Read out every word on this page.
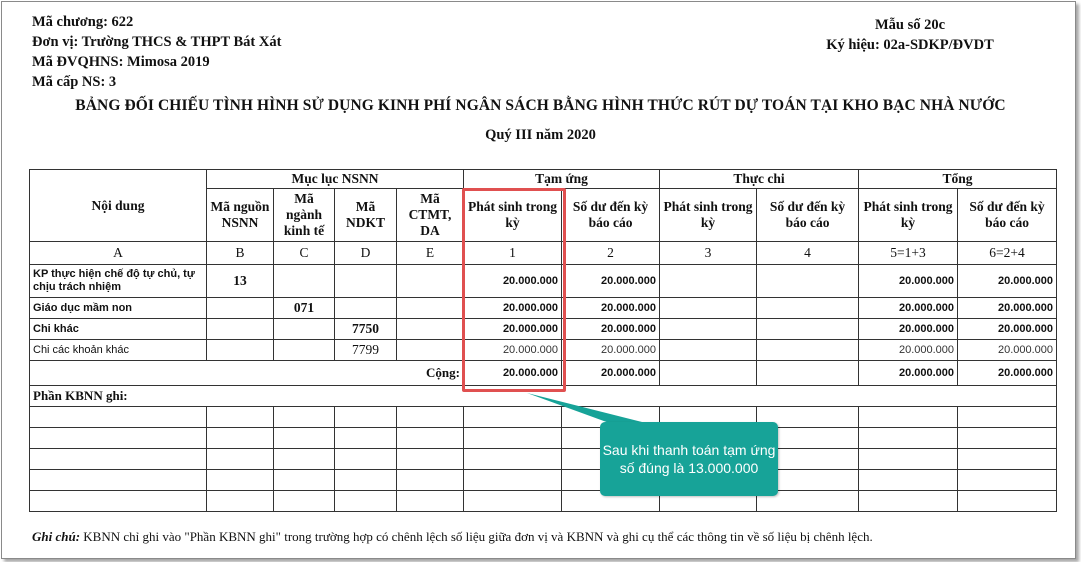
Mã chương: 622
Đơn vị: Trường THCS & THPT Bát Xát
Mã ĐVQHNS: Mimosa 2019
Mã cấp NS: 3
Mẫu số 20c
Ký hiệu: 02a-SDKP/ĐVDT
BẢNG ĐỐI CHIẾU TÌNH HÌNH SỬ DỤNG KINH PHÍ NGÂN SÁCH BẰNG HÌNH THỨC RÚT DỰ TOÁN TẠI KHO BẠC NHÀ NƯỚC
Quý III năm 2020
Nội dung	Mục lục NSNN				Tạm ứng		Thực chi		Tổng	
	Mã nguồn NSNN	Mã ngành kinh tế	Mã NDKT	Mã CTMT, DA	Phát sinh trong kỳ	Số dư đến kỳ báo cáo	Phát sinh trong kỳ	Số dư đến kỳ báo cáo	Phát sinh trong kỳ	Số dư đến kỳ báo cáo
A	B	C	D	E	1	2	3	4	5=1+3	6=2+4
KP thực hiện chế độ tự chủ, tự chịu trách nhiệm	13				20.000.000	20.000.000			20.000.000	20.000.000
Giáo dục mầm non		071			20.000.000	20.000.000			20.000.000	20.000.000
Chi khác			7750		20.000.000	20.000.000			20.000.000	20.000.000
Chi các khoản khác			7799		20.000.000	20.000.000			20.000.000	20.000.000
Cộng:					20.000.000	20.000.000			20.000.000	20.000.000
Phần KBNN ghi:										

Sau khi thanh toán tạm ứng số đúng là 13.000.000
Ghi chú: KBNN chỉ ghi vào "Phần KBNN ghi" trong trường hợp có chênh lệch số liệu giữa đơn vị và KBNN và ghi cụ thể các thông tin về số liệu bị chênh lệch.
